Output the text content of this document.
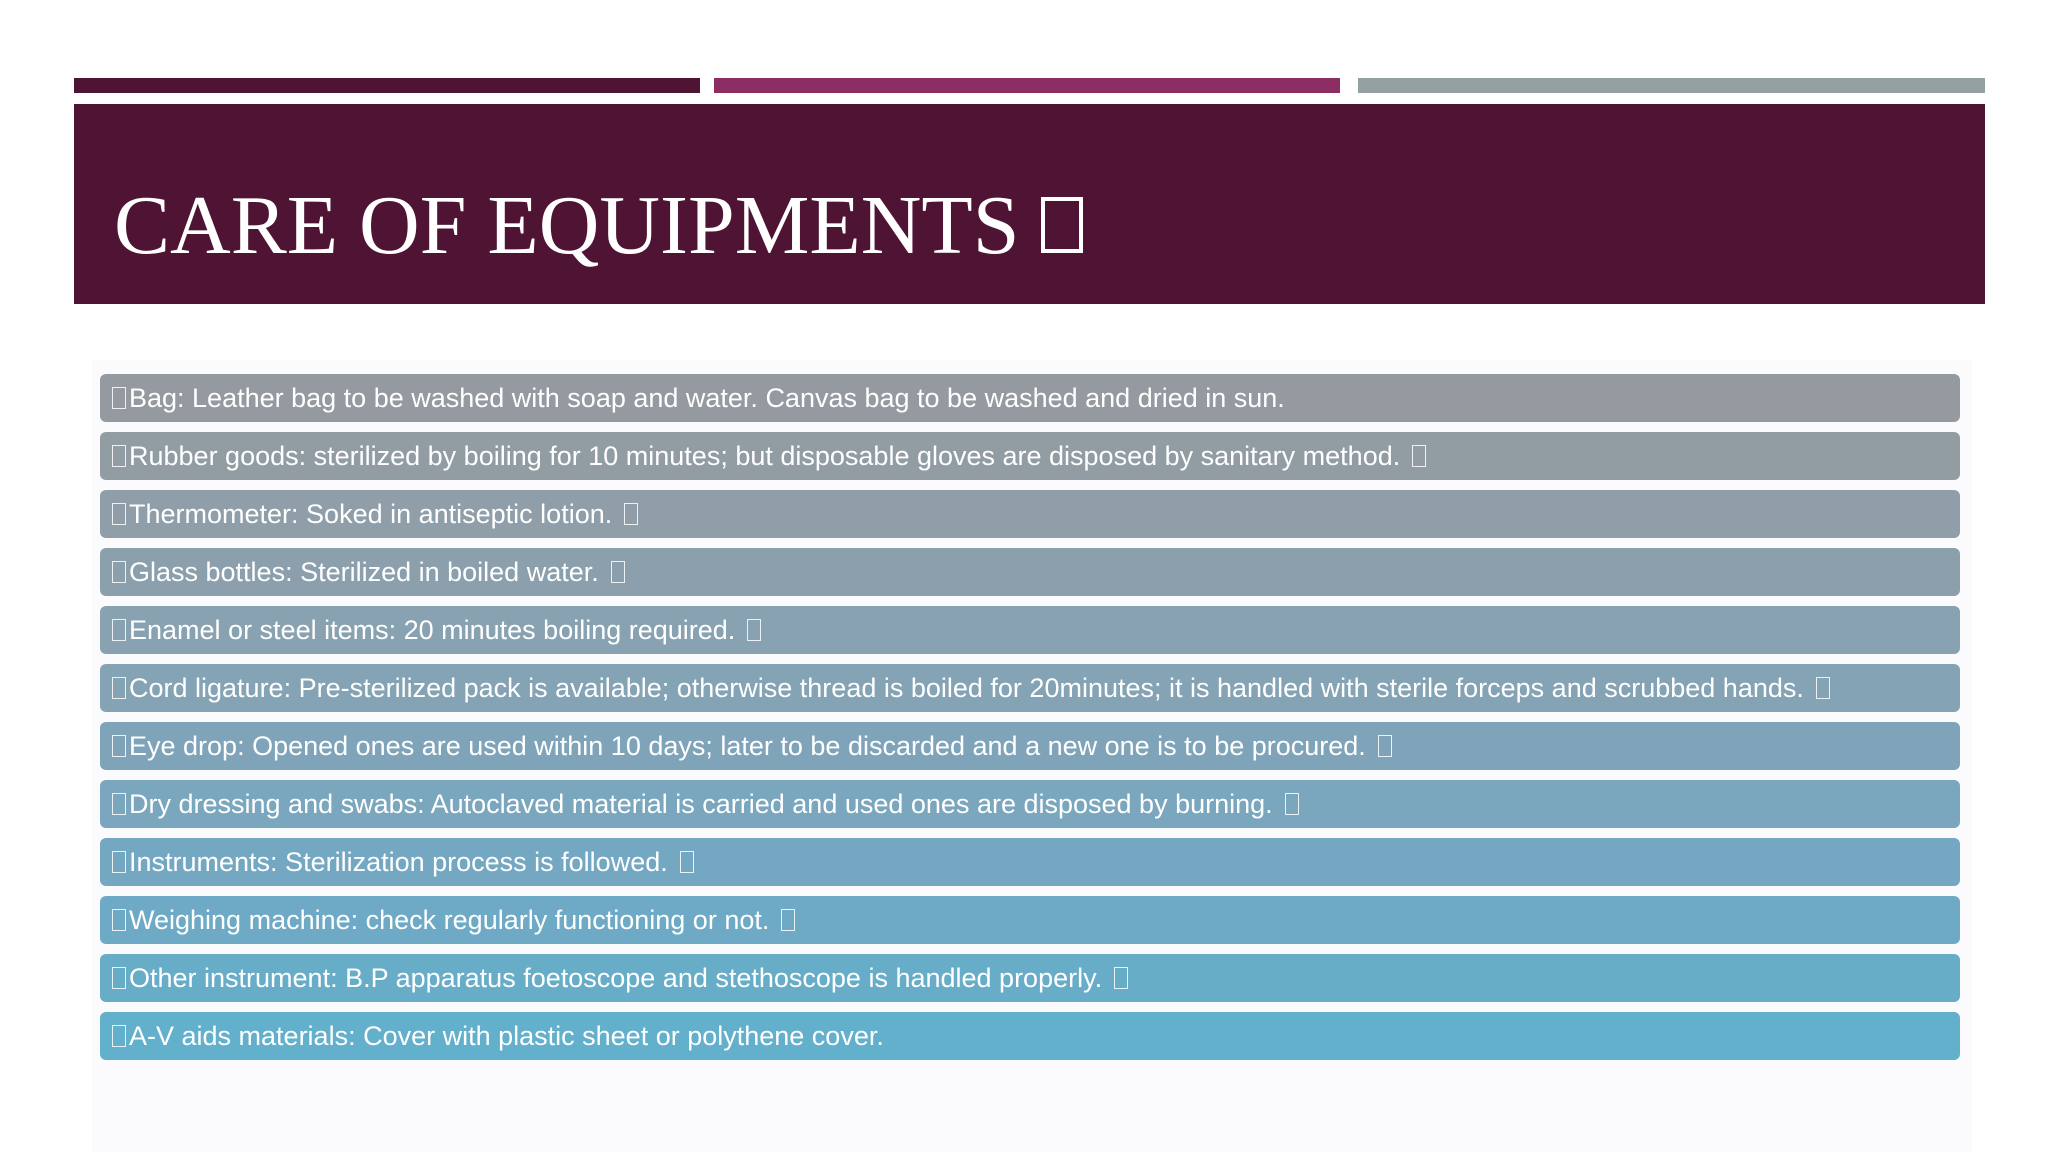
CARE OF EQUIPMENTS
Bag: Leather bag to be washed with soap and water. Canvas bag to be washed and dried in sun.
Rubber goods: sterilized by boiling for 10 minutes; but disposable gloves are disposed by sanitary method.
Thermometer: Soked in antiseptic lotion.
Glass bottles: Sterilized in boiled water.
Enamel or steel items: 20 minutes boiling required.
Cord ligature: Pre-sterilized pack is available; otherwise thread is boiled for 20minutes; it is handled with sterile forceps and scrubbed hands.
Eye drop: Opened ones are used within 10 days; later to be discarded and a new one is to be procured.
Dry dressing and swabs: Autoclaved material is carried and used ones are disposed by burning.
Instruments: Sterilization process is followed.
Weighing machine: check regularly functioning or not.
Other instrument: B.P apparatus foetoscope and stethoscope is handled properly.
A-V aids materials: Cover with plastic sheet or polythene cover.
